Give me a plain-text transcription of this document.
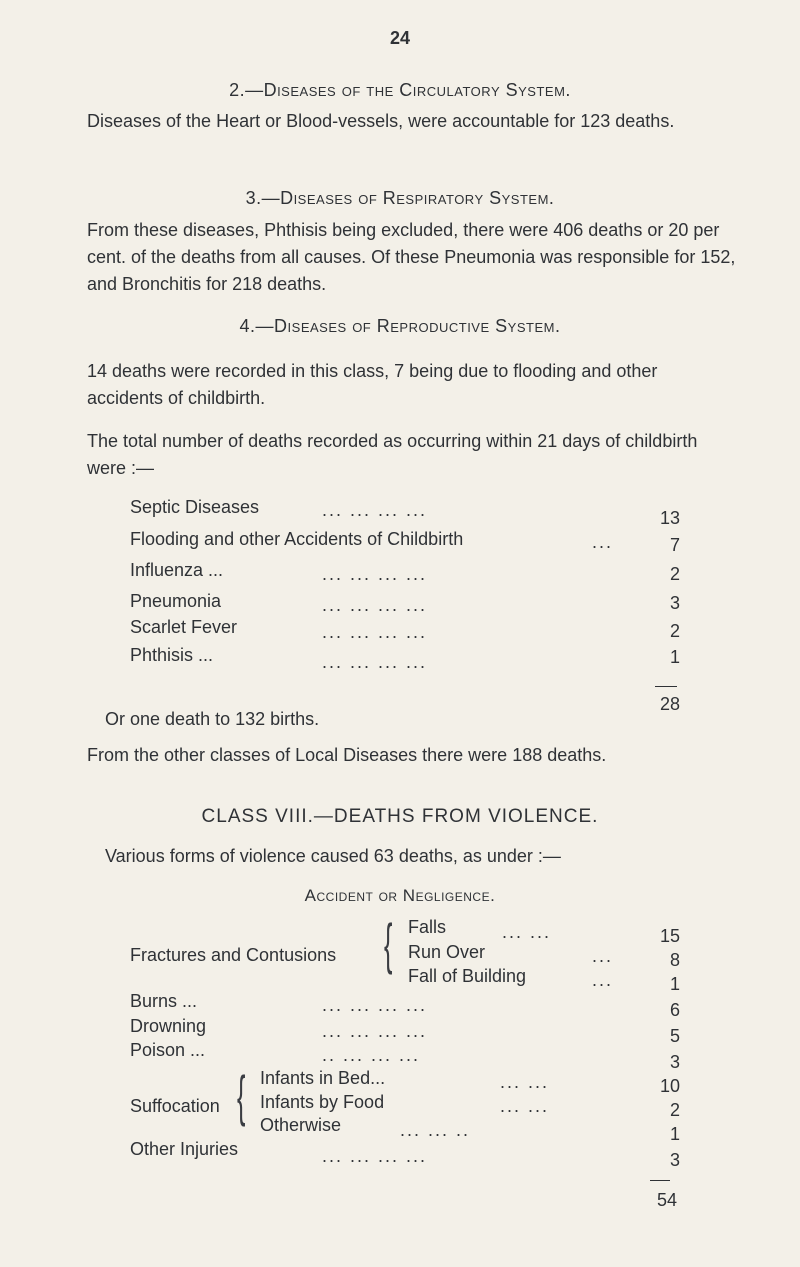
24
2.—Diseases of the Circulatory System.
Diseases of the Heart or Blood-vessels, were accountable for 123 deaths.
3.—Diseases of Respiratory System.
From these diseases, Phthisis being excluded, there were 406 deaths or 20 per cent. of the deaths from all causes. Of these Pneumonia was responsible for 152, and Bronchitis for 218 deaths.
4.—Diseases of Reproductive System.
14 deaths were recorded in this class, 7 being due to flooding and other accidents of childbirth.
The total number of deaths recorded as occurring within 21 days of childbirth were :—
Septic Diseases	... ... ... ...	13
Flooding and other Accidents of Childbirth	...	7
Influenza ...	... ... ... ...	2
Pneumonia	... ... ... ...	3
Scarlet Fever	... ... ... ...	2
Phthisis ...	... ... ... ...	1
28
Or one death to 132 births.
From the other classes of Local Diseases there were 188 deaths.
CLASS VIII.—DEATHS FROM VIOLENCE.
Various forms of violence caused 63 deaths, as under :—
Accident or Negligence.
Fractures and Contusions { Falls	... ...	15
Run Over	...	8
Fall of Building	...	1
Burns ...	... ... ... ...	6
Drowning	... ... ... ...	5
Poison ...	.. ... ... ...	3
Suffocation { Infants in Bed...	... ...	10
Infants by Food	... ...	2
Otherwise	... ... ..	1
Other Injuries	... ... ... ...	3
54
